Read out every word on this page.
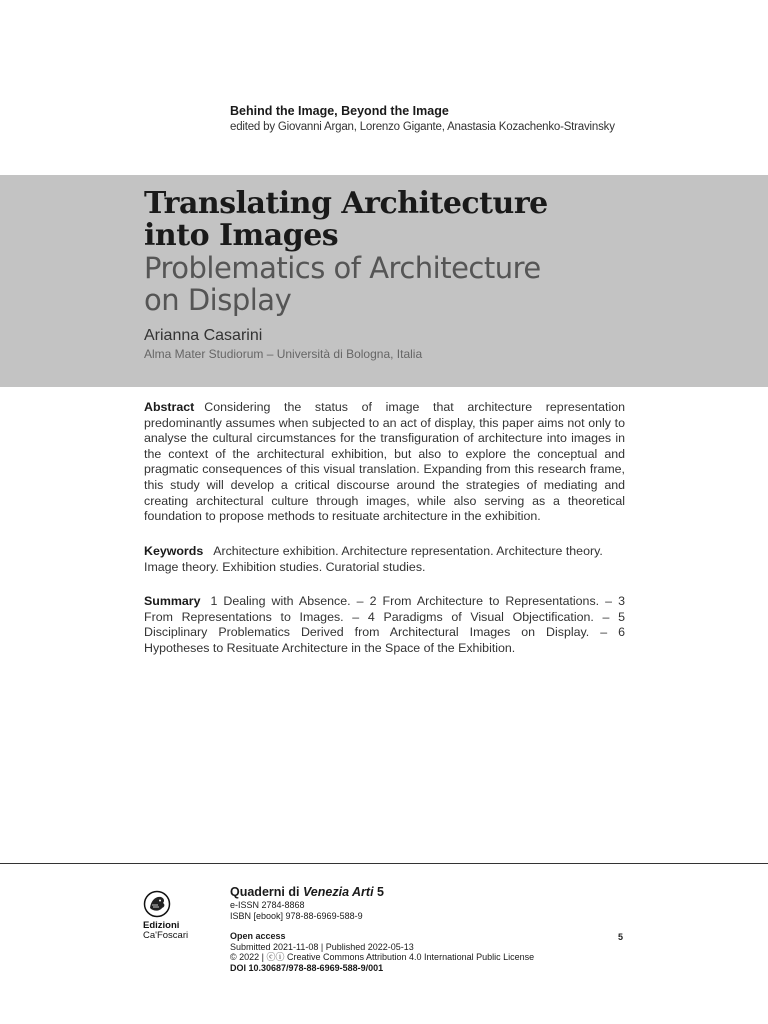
Behind the Image, Beyond the Image
edited by Giovanni Argan, Lorenzo Gigante, Anastasia Kozachenko-Stravinsky
Translating Architecture
into Images
Problematics of Architecture
on Display
Arianna Casarini
Alma Mater Studiorum – Università di Bologna, Italia
Abstract Considering the status of image that architecture representation predominantly assumes when subjected to an act of display, this paper aims not only to analyse the cultural circumstances for the transfiguration of architecture into images in the context of the architectural exhibition, but also to explore the conceptual and pragmatic consequences of this visual translation. Expanding from this research frame, this study will develop a critical discourse around the strategies of mediating and creating architectural culture through images, while also serving as a theoretical foundation to propose methods to resituate architecture in the exhibition.
Keywords Architecture exhibition. Architecture representation. Architecture theory. Image theory. Exhibition studies. Curatorial studies.
Summary 1 Dealing with Absence. – 2 From Architecture to Representations. – 3 From Representations to Images. – 4 Paradigms of Visual Objectification. – 5 Disciplinary Problematics Derived from Architectural Images on Display. – 6 Hypotheses to Resituate Architecture in the Space of the Exhibition.
Edizioni
Ca'Foscari
Quaderni di Venezia Arti 5
e-ISSN 2784-8868
ISBN [ebook] 978-88-6969-588-9
Open access
Submitted 2021-11-08 | Published 2022-05-13
© 2022 | ⓒⓘ Creative Commons Attribution 4.0 International Public License
DOI 10.30687/978-88-6969-588-9/001
5
